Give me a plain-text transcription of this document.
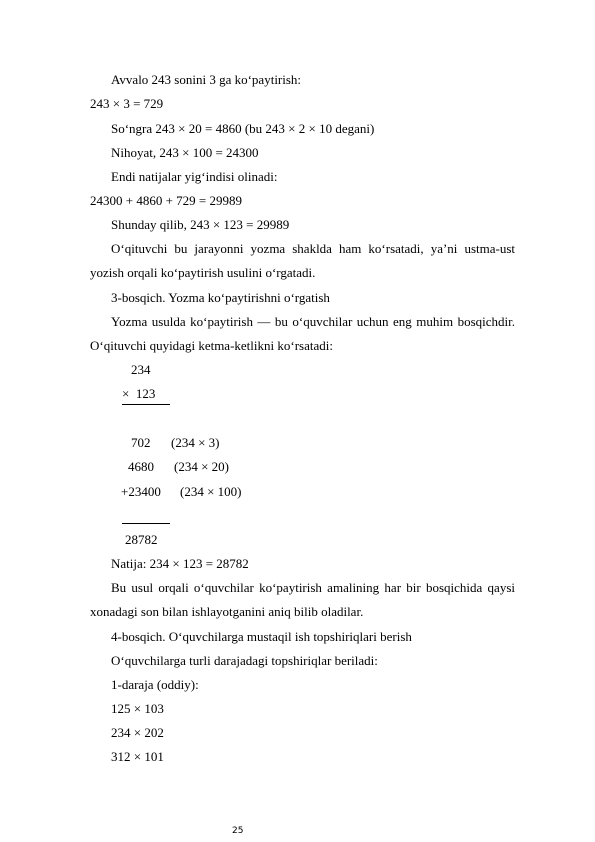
Avvalo 243 sonini 3 ga ko‘paytirish:
243 × 3 = 729
So‘ngra 243 × 20 = 4860 (bu 243 × 2 × 10 degani)
Nihoyat, 243 × 100 = 24300
Endi natijalar yig‘indisi olinadi:
24300 + 4860 + 729 = 29989
Shunday qilib, 243 × 123 = 29989
O‘qituvchi bu jarayonni yozma shaklda ham ko‘rsatadi, ya’ni ustma-ust yozish orqali ko‘paytirish usulini o‘rgatadi.
3-bosqich. Yozma ko‘paytirishni o‘rgatish
Yozma usulda ko‘paytirish — bu o‘quvchilar uchun eng muhim bosqichdir. O‘qituvchi quyidagi ketma-ketlikni ko‘rsatadi:
234
×  123
702 (234 × 3)
4680 (234 × 20)
+23400 (234 × 100)
28782
Natija: 234 × 123 = 28782
Bu usul orqali o‘quvchilar ko‘paytirish amalining har bir bosqichida qaysi xonadagi son bilan ishlayotganini aniq bilib oladilar.
4-bosqich. O‘quvchilarga mustaqil ish topshiriqlari berish
O‘quvchilarga turli darajadagi topshiriqlar beriladi:
1-daraja (oddiy):
125 × 103
234 × 202
312 × 101
25
